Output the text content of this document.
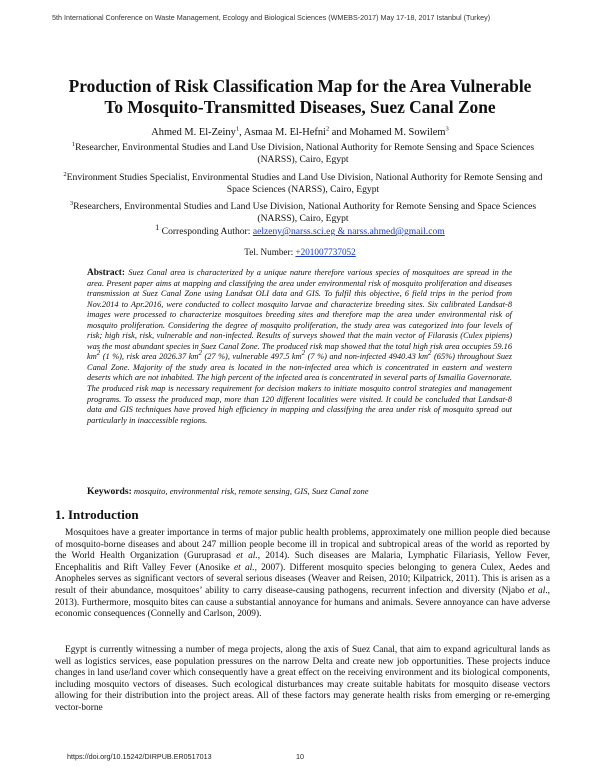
5th International Conference on Waste Management, Ecology and Biological Sciences (WMEBS-2017) May 17-18, 2017 Istanbul (Turkey)
Production of Risk Classification Map for the Area Vulnerable
To Mosquito-Transmitted Diseases, Suez Canal Zone
Ahmed M. El-Zeiny$^1$, Asmaa M. El-Hefni$^2$ and Mohamed M. Sowilem$^3$
$^1$Researcher, Environmental Studies and Land Use Division, National Authority for Remote Sensing and Space Sciences (NARSS), Cairo, Egypt
$^2$Environment Studies Specialist, Environmental Studies and Land Use Division, National Authority for Remote Sensing and Space Sciences (NARSS), Cairo, Egypt
$^3$Researchers, Environmental Studies and Land Use Division, National Authority for Remote Sensing and Space Sciences (NARSS), Cairo, Egypt
$^1$ Corresponding Author: aelzeny@narss.sci.eg & narss.ahmed@gmail.com
Tel. Number: +201007737052
Abstract: Suez Canal area is characterized by a unique nature therefore various species of mosquitoes are spread in the area. Present paper aims at mapping and classifying the area under environmental risk of mosquito proliferation and diseases transmission at Suez Canal Zone using Landsat OLI data and GIS. To fulfil this objective, 6 field trips in the period from Nov.2014 to Apr.2016, were conducted to collect mosquito larvae and characterize breeding sites. Six calibrated Landsat-8 images were processed to characterize mosquitoes breeding sites and therefore map the area under environmental risk of mosquito proliferation. Considering the degree of mosquito proliferation, the study area was categorized into four levels of risk; high risk, risk, vulnerable and non-infected. Results of surveys showed that the main vector of Filarasis (Culex pipiens) was the most abundant species in Suez Canal Zone. The produced risk map showed that the total high risk area occupies 59.16 $km^2$ (1 %), risk area 2026.37 $km^2$ (27 %), vulnerable 497.5 $km^2$ (7 %) and non-infected 4940.43 $km^2$ (65%) throughout Suez Canal Zone. Majority of the study area is located in the non-infected area which is concentrated in eastern and western deserts which are not inhabited. The high percent of the infected area is concentrated in several parts of Ismailia Governorate. The produced risk map is necessary requirement for decision makers to initiate mosquito control strategies and management programs. To assess the produced map, more than 120 different localities were visited. It could be concluded that Landsat-8 data and GIS techniques have proved high efficiency in mapping and classifying the area under risk of mosquito spread out particularly in inaccessible regions.
Keywords: mosquito, environmental risk, remote sensing, GIS, Suez Canal zone
1. Introduction
Mosquitoes have a greater importance in terms of major public health problems, approximately one million people died because of mosquito-borne diseases and about 247 million people become ill in tropical and subtropical areas of the world as reported by the World Health Organization (Guruprasad et al., 2014). Such diseases are Malaria, Lymphatic Filariasis, Yellow Fever, Encephalitis and Rift Valley Fever (Anosike et al., 2007). Different mosquito species belonging to genera Culex, Aedes and Anopheles serves as significant vectors of several serious diseases (Weaver and Reisen, 2010; Kilpatrick, 2011). This is arisen as a result of their abundance, mosquitoes’ ability to carry disease-causing pathogens, recurrent infection and diversity (Njabo et al., 2013). Furthermore, mosquito bites can cause a substantial annoyance for humans and animals. Severe annoyance can have adverse economic consequences (Connelly and Carlson, 2009).
Egypt is currently witnessing a number of mega projects, along the axis of Suez Canal, that aim to expand agricultural lands as well as logistics services, ease population pressures on the narrow Delta and create new job opportunities. These projects induce changes in land use/land cover which consequently have a great effect on the receiving environment and its biological components, including mosquito vectors of diseases. Such ecological disturbances may create suitable habitats for mosquito disease vectors allowing for their distribution into the project areas. All of these factors may generate health risks from emerging or re-emerging vector-borne
https://doi.org/10.15242/DIRPUB.ER0517013	10
